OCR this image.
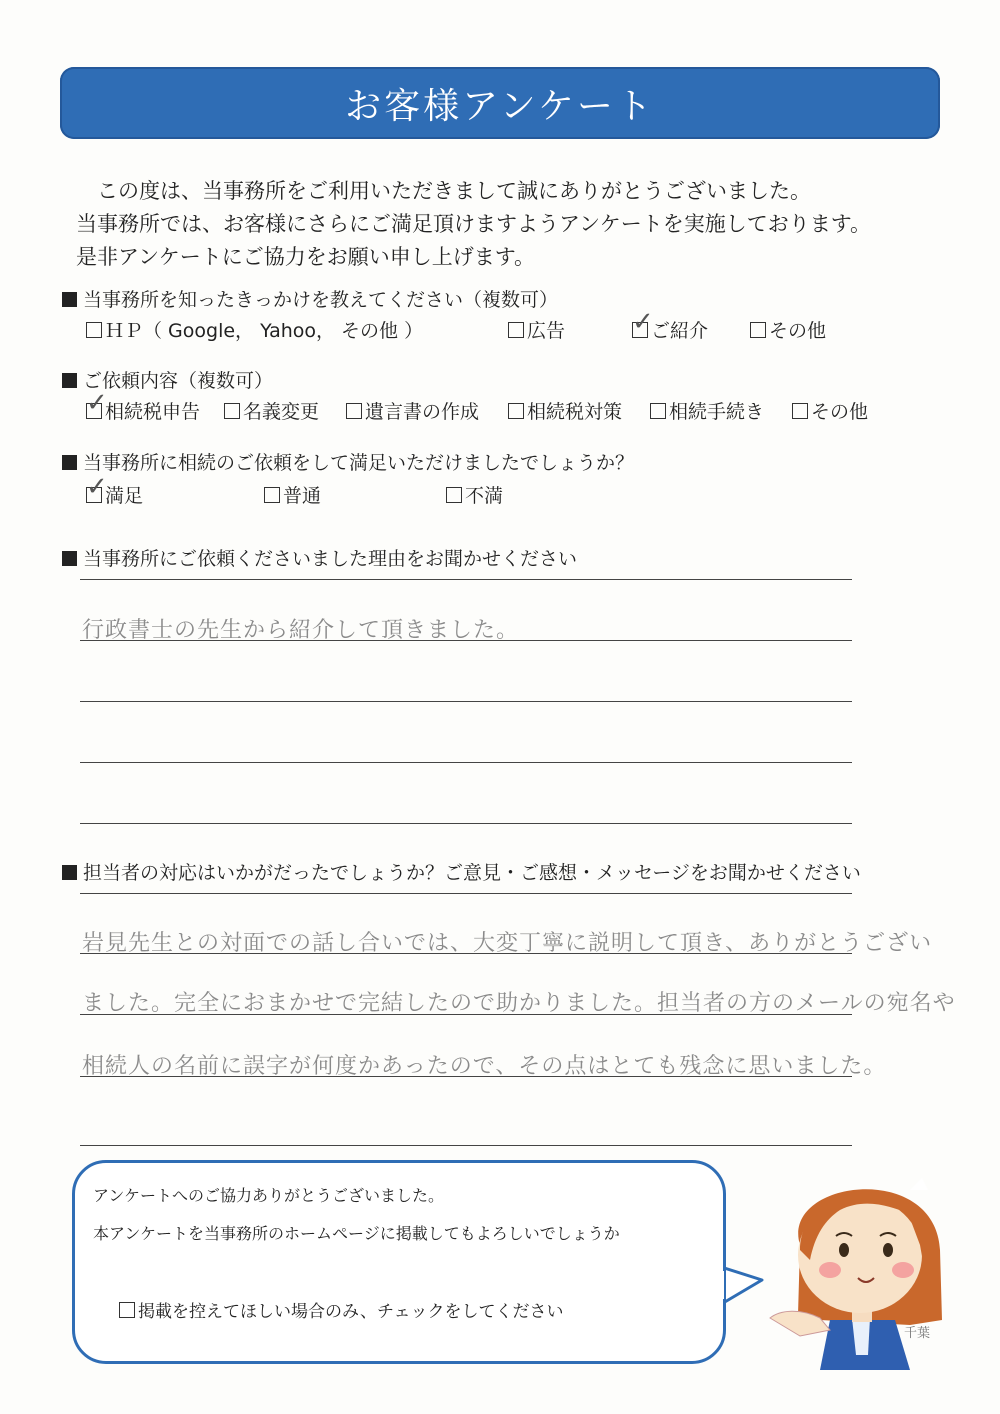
お客様アンケート
この度は、当事務所をご利用いただきまして誠にありがとうございました。
当事務所では、お客様にさらにご満足頂けますようアンケートを実施しております。
是非アンケートにご協力をお願い申し上げます。
当事務所を知ったきっかけを教えてください（複数可）
ＨＰ（ Google， Yahoo， その他 ）	広告	✓
ご紹介	その他
ご依頼内容（複数可）
✓
相続税申告	名義変更	遺言書の作成	相続税対策	相続手続き	その他
当事務所に相続のご依頼をして満足いただけましたでしょうか？
✓
満足	普通	不満
当事務所にご依頼くださいました理由をお聞かせください
行政書士の先生から紹介して頂きました。
担当者の対応はいかがだったでしょうか？ご意見・ご感想・メッセージをお聞かせください
岩見先生との対面での話し合いでは、大変丁寧に説明して頂き、ありがとうござい
ました。完全におまかせで完結したので助かりました。担当者の方のメールの宛名や
相続人の名前に誤字が何度かあったので、その点はとても残念に思いました。
アンケートへのご協力ありがとうございました。
本アンケートを当事務所のホームページに掲載してもよろしいでしょうか
掲載を控えてほしい場合のみ、チェックをしてください
千葉
